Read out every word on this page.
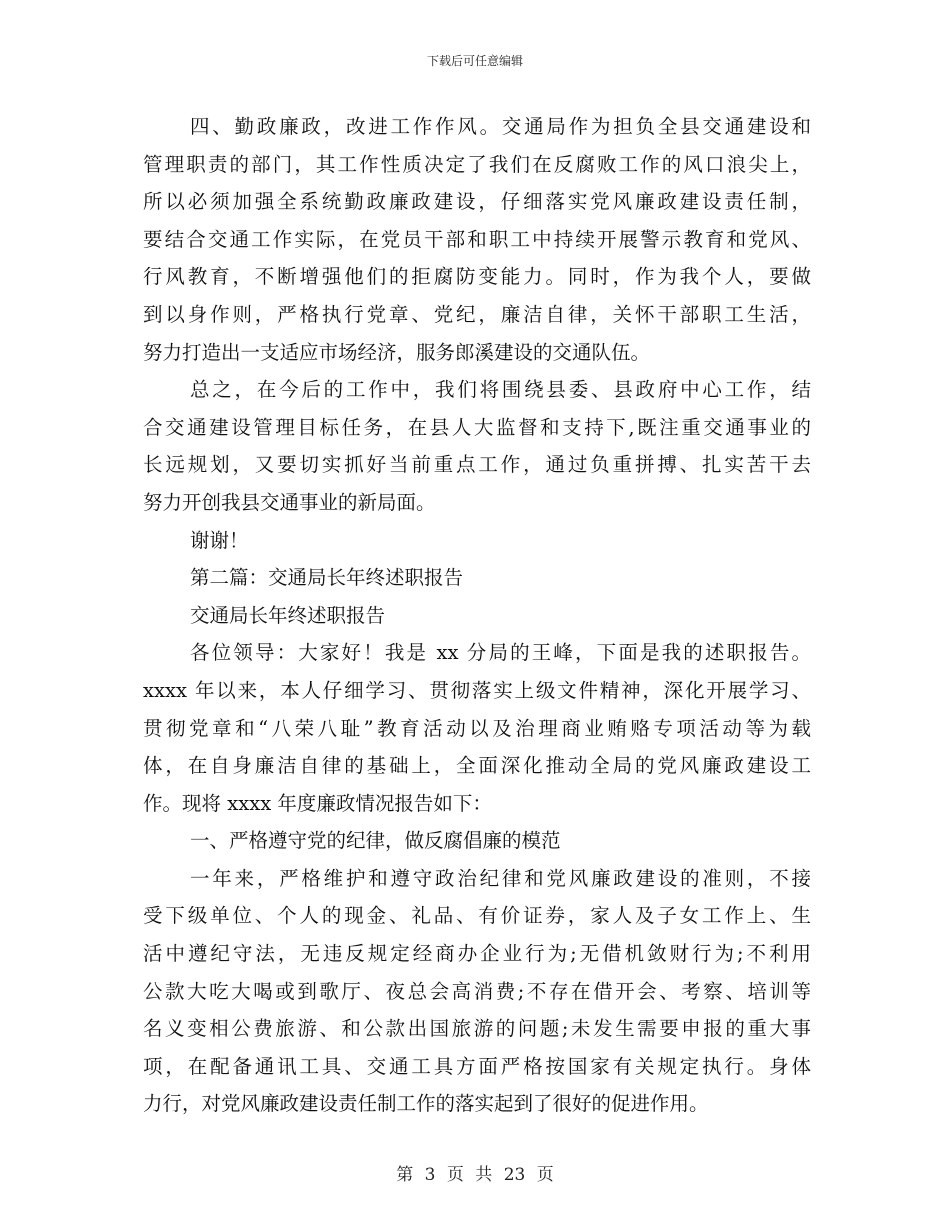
下载后可任意编辑
四、勤政廉政，改进工作作风。交通局作为担负全县交通建设和
管理职责的部门，其工作性质决定了我们在反腐败工作的风口浪尖上，
所以必须加强全系统勤政廉政建设，仔细落实党风廉政建设责任制，
要结合交通工作实际，在党员干部和职工中持续开展警示教育和党风、
行风教育，不断增强他们的拒腐防变能力。同时，作为我个人，要做
到以身作则，严格执行党章、党纪，廉洁自律，关怀干部职工生活，
努力打造出一支适应市场经济，服务郎溪建设的交通队伍。
总之，在今后的工作中，我们将围绕县委、县政府中心工作，结
合交通建设管理目标任务，在县人大监督和支持下,既注重交通事业的
长远规划，又要切实抓好当前重点工作，通过负重拼搏、扎实苦干去
努力开创我县交通事业的新局面。
谢谢！
第二篇：交通局长年终述职报告
交通局长年终述职报告
各位领导：大家好！我是 xx 分局的王峰，下面是我的述职报告。
xxxx 年以来，本人仔细学习、贯彻落实上级文件精神，深化开展学习、
贯彻党章和“八荣八耻”教育活动以及治理商业贿赂专项活动等为载
体，在自身廉洁自律的基础上，全面深化推动全局的党风廉政建设工
作。现将 xxxx 年度廉政情况报告如下：
一、严格遵守党的纪律，做反腐倡廉的模范
一年来，严格维护和遵守政治纪律和党风廉政建设的准则，不接
受下级单位、个人的现金、礼品、有价证券，家人及子女工作上、生
活中遵纪守法，无违反规定经商办企业行为;无借机敛财行为;不利用
公款大吃大喝或到歌厅、夜总会高消费;不存在借开会、考察、培训等
名义变相公费旅游、和公款出国旅游的问题;未发生需要申报的重大事
项，在配备通讯工具、交通工具方面严格按国家有关规定执行。身体
力行，对党风廉政建设责任制工作的落实起到了很好的促进作用。
第 3 页 共 23 页
